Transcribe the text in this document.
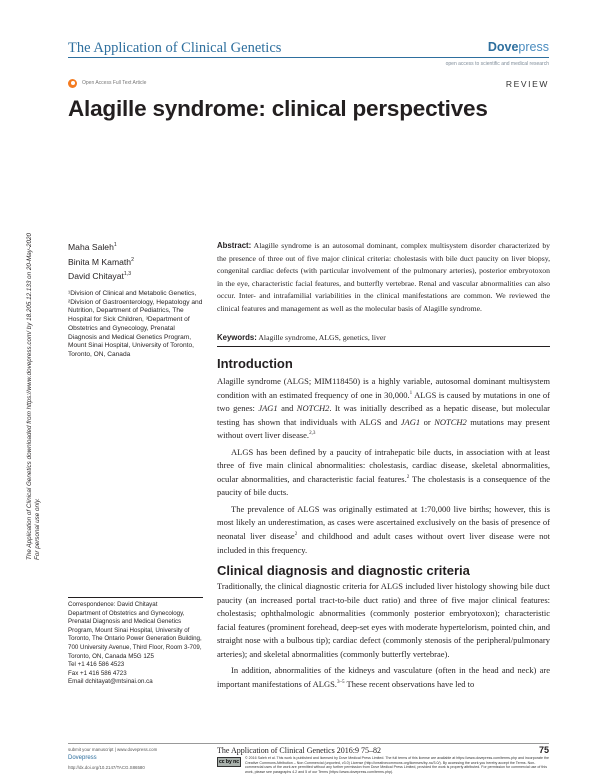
The Application of Clinical Genetics	Dovepress
open access to scientific and medical research
Open Access Full Text Article	REVIEW
Alagille syndrome: clinical perspectives
The Application of Clinical Genetics downloaded from https://www.dovepress.com/ by 18.205.12.133 on 20-May-2020 For personal use only.
Maha Saleh$^1$
Binita M Kamath$^2$
David Chitayat$^{1,3}$
¹Division of Clinical and Metabolic Genetics, ²Division of Gastroenterology, Hepatology and Nutrition, Department of Pediatrics, The Hospital for Sick Children, ³Department of Obstetrics and Gynecology, Prenatal Diagnosis and Medical Genetics Program, Mount Sinai Hospital, University of Toronto, Toronto, ON, Canada
Abstract: Alagille syndrome is an autosomal dominant, complex multisystem disorder characterized by the presence of three out of five major clinical criteria: cholestasis with bile duct paucity on liver biopsy, congenital cardiac defects (with particular involvement of the pulmonary arteries), posterior embryotoxon in the eye, characteristic facial features, and butterfly vertebrae. Renal and vascular abnormalities can also occur. Inter- and intrafamilial variabilities in the clinical manifestations are common. We reviewed the clinical features and management as well as the molecular basis of Alagille syndrome.
Keywords: Alagille syndrome, ALGS, genetics, liver
Introduction

Alagille syndrome (ALGS; MIM118450) is a highly variable, autosomal dominant multisystem condition with an estimated frequency of one in 30,000.$^1$ ALGS is caused by mutations in one of two genes: JAG1 and NOTCH2. It was initially described as a hepatic disease, but molecular testing has shown that individuals with ALGS and JAG1 or NOTCH2 mutations may present without overt liver disease.$^{2,3}$

ALGS has been defined by a paucity of intrahepatic bile ducts, in association with at least three of five main clinical abnormalities: cholestasis, cardiac disease, skeletal abnormalities, ocular abnormalities, and characteristic facial features.$^2$ The cholestasis is a consequence of the paucity of bile ducts.

The prevalence of ALGS was originally estimated at 1:70,000 live births; however, this is most likely an underestimation, as cases were ascertained exclusively on the basis of presence of neonatal liver disease$^2$ and childhood and adult cases without overt liver disease were not included in this frequency.

Clinical diagnosis and diagnostic criteria

Traditionally, the clinical diagnostic criteria for ALGS included liver histology showing bile duct paucity (an increased portal tract-to-bile duct ratio) and three of five major clinical features: cholestasis; ophthalmologic abnormalities (commonly posterior embryotoxon); characteristic facial features (prominent forehead, deep-set eyes with moderate hypertelorism, pointed chin, and straight nose with a bulbous tip); cardiac defect (commonly stenosis of the peripheral/pulmonary arteries); and skeletal abnormalities (commonly butterfly vertebrae).

In addition, abnormalities of the kidneys and vasculature (often in the head and neck) are important manifestations of ALGS.$^{3-5}$ These recent observations have led to

Correspondence: David Chitayat
Department of Obstetrics and Gynecology, Prenatal Diagnosis and Medical Genetics Program, Mount Sinai Hospital, University of Toronto, The Ontario Power Generation Building, 700 University Avenue, Third Floor, Room 3-709, Toronto, ON, Canada M5G 1Z5
Tel +1 416 586 4523
Fax +1 416 586 4723
Email dchitayat@mtsinai.on.ca
submit your manuscript | www.dovepress.com
Dovepress
http://dx.doi.org/10.2147/TACG.S86580
The Application of Clinical Genetics 2016:9 75–82	75
cc by nc
© 2016 Saleh et al. This work is published and licensed by Dove Medical Press Limited. The full terms of this license are available at https://www.dovepress.com/terms.php and incorporate the Creative Commons Attribution – Non Commercial (unported, v3.0) License (http://creativecommons.org/licenses/by-nc/3.0/). By accessing the work you hereby accept the Terms. Non-commercial uses of the work are permitted without any further permission from Dove Medical Press Limited, provided the work is properly attributed. For permission for commercial use of this work, please see paragraphs 4.2 and 5 of our Terms (https://www.dovepress.com/terms.php).
